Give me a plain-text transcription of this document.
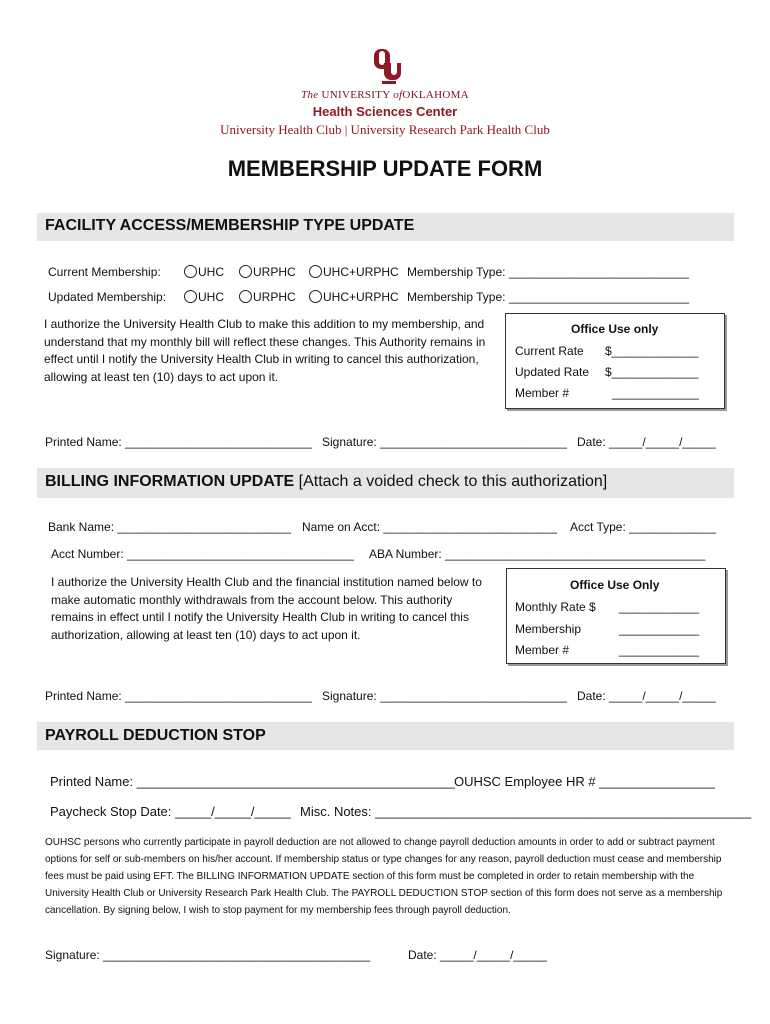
The UNIVERSITY ofOKLAHOMA
Health Sciences Center
University Health Club | University Research Park Health Club
MEMBERSHIP UPDATE FORM
FACILITY ACCESS/MEMBERSHIP TYPE UPDATE
Current Membership:	UHC	URPHC	UHC+URPHC Membership Type: ___________________________
Updated Membership:	UHC	URPHC	UHC+URPHC Membership Type: ___________________________
I authorize the University Health Club to make this addition to my membership, and understand that my monthly bill will reflect these changes. This Authority remains in effect until I notify the University Health Club in writing to cancel this authorization, allowing at least ten (10) days to act upon it.
Office Use only
Current Rate $_____________
Updated Rate $_____________
Member #	_____________
Printed Name: ____________________________ Signature: ____________________________ Date: _____/_____/_____
BILLING INFORMATION UPDATE [Attach a voided check to this authorization]
Bank Name: __________________________ Name on Acct: __________________________ Acct Type: _____________
Acct Number: __________________________________ ABA Number: _______________________________________
I authorize the University Health Club and the financial institution named below to make automatic monthly withdrawals from the account below. This authority remains in effect until I notify the University Health Club in writing to cancel this authorization, allowing at least ten (10) days to act upon it.
Office Use Only
Monthly Rate $ ____________
Membership	____________
Member #	____________
Printed Name: ____________________________ Signature: ____________________________ Date: _____/_____/_____
PAYROLL DEDUCTION STOP
Printed Name: ____________________________________________ OUHSC Employee HR # ________________
Paycheck Stop Date: _____/_____/_____ Misc. Notes: ____________________________________________________
OUHSC persons who currently participate in payroll deduction are not allowed to change payroll deduction amounts in order to add or subtract payment options for self or sub-members on his/her account. If membership status or type changes for any reason, payroll deduction must cease and membership fees must be paid using EFT. The BILLING INFORMATION UPDATE section of this form must be completed in order to retain membership with the University Health Club or University Research Park Health Club. The PAYROLL DEDUCTION STOP section of this form does not serve as a membership cancellation. By signing below, I wish to stop payment for my membership fees through payroll deduction.
Signature: ________________________________________	Date: _____/_____/_____
